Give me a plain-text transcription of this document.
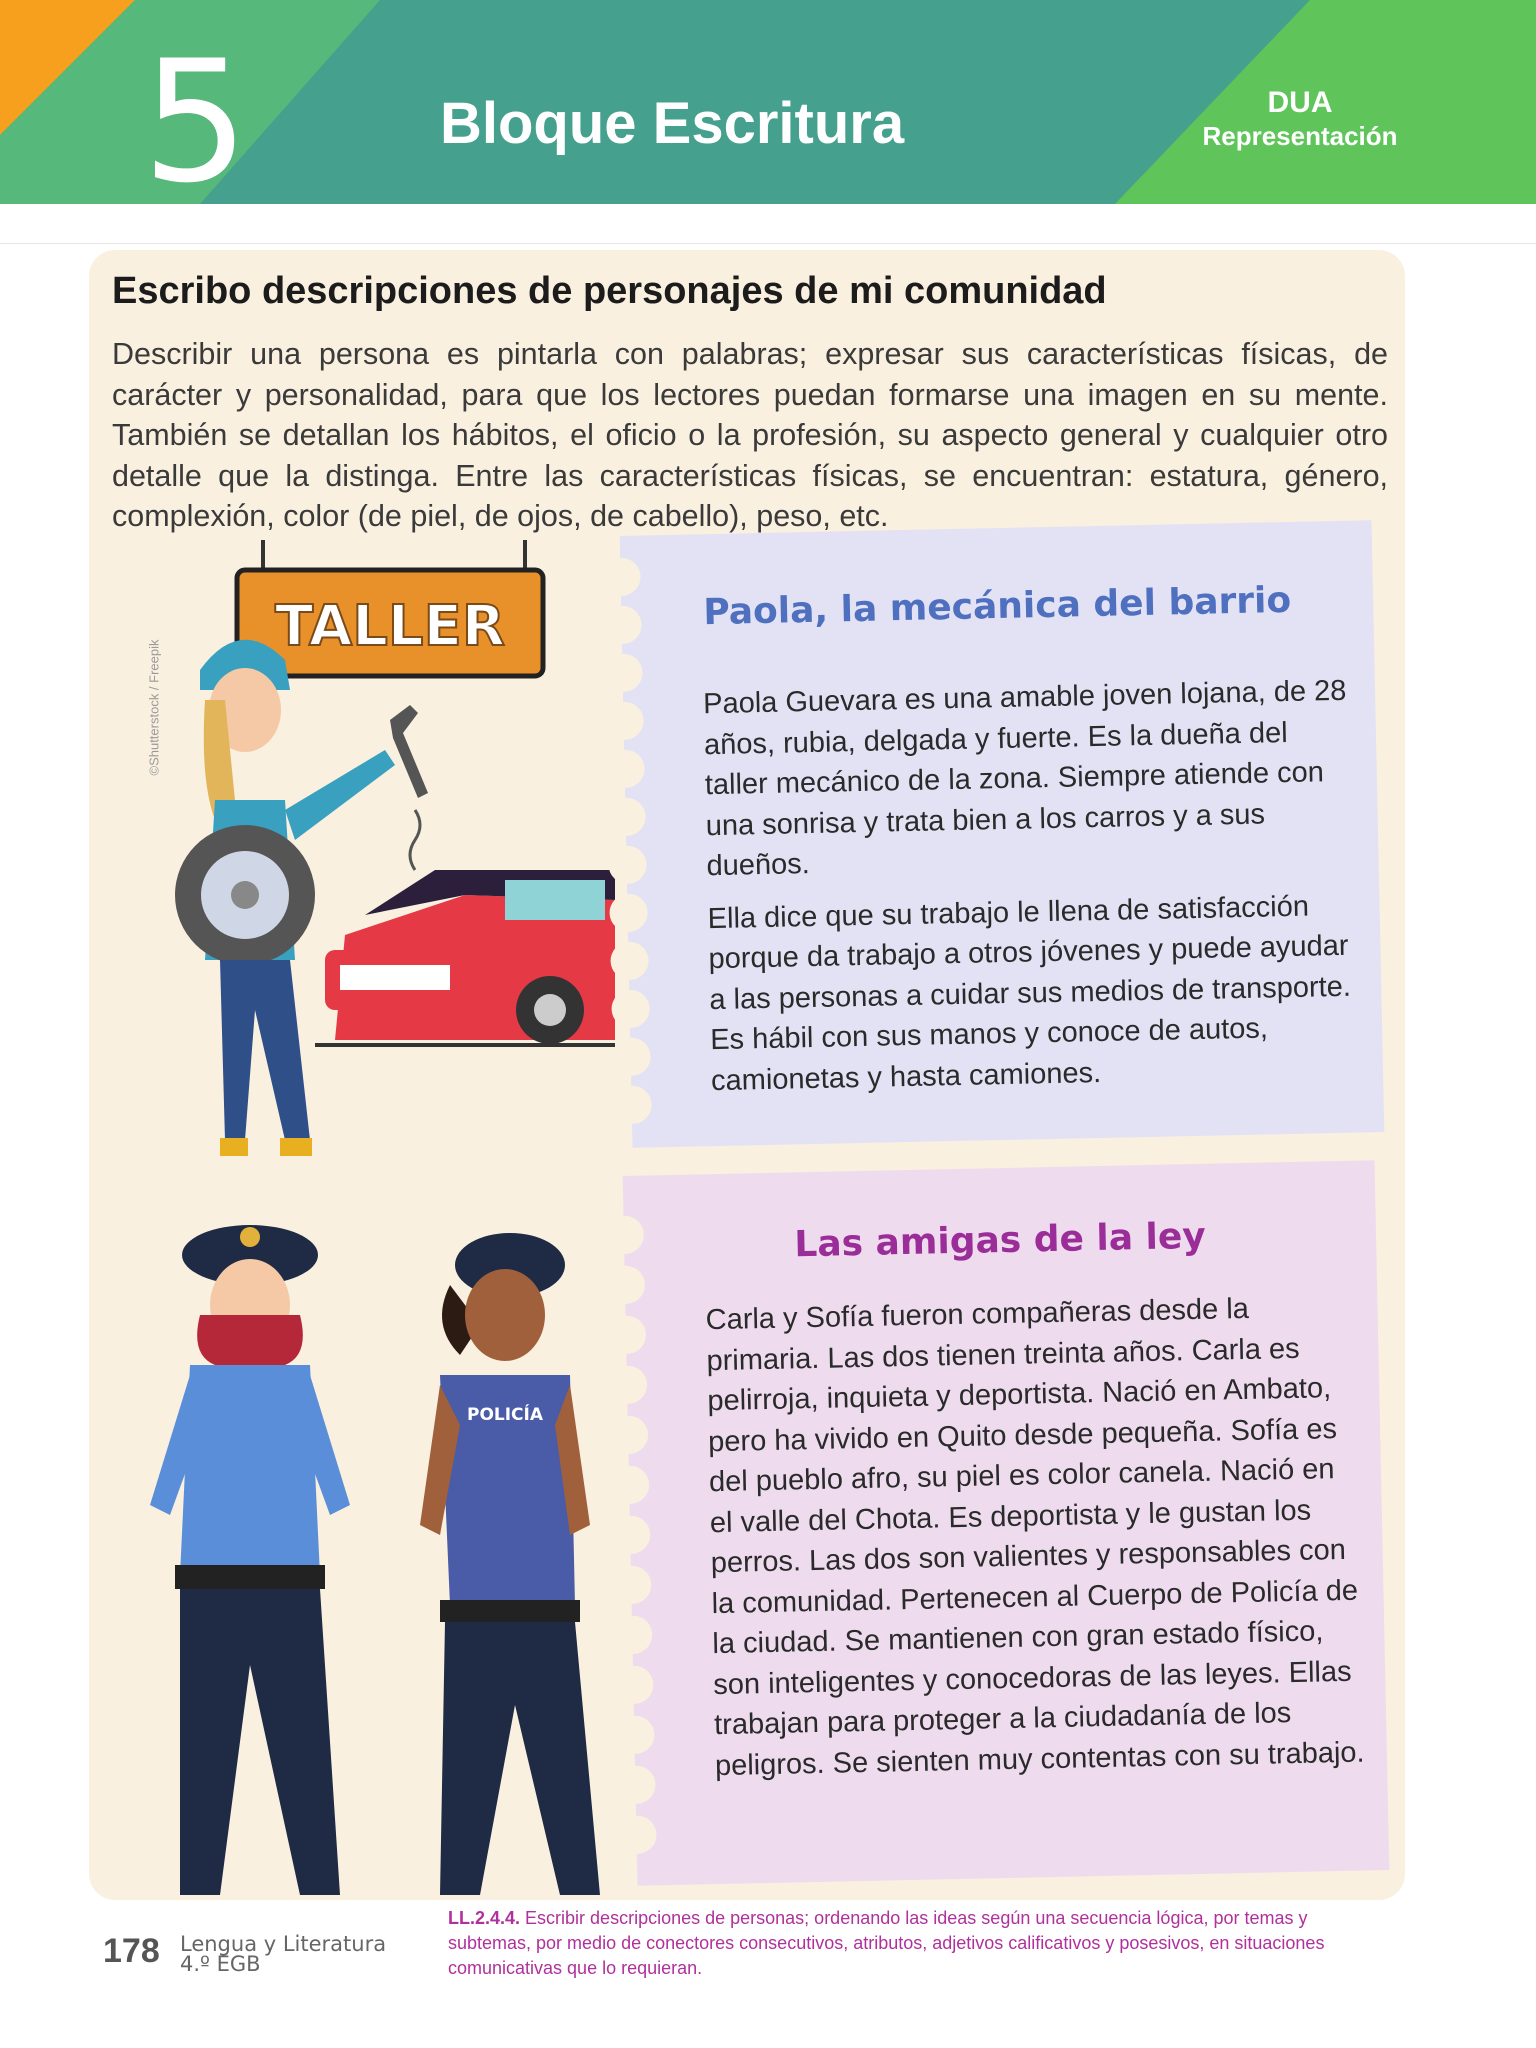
5	Bloque Escritura	DUA
Representación
Escribo descripciones de personajes de mi comunidad
Describir una persona es pintarla con palabras; expresar sus características físicas, de carácter y personalidad, para que los lectores puedan formarse una imagen en su mente. También se detallan los hábitos, el oficio o la profesión, su aspecto general y cualquier otro detalle que la distinga. Entre las características físicas, se encuentran: estatura, género, complexión, color (de piel, de ojos, de cabello), peso, etc.
TALLER
©Shutterstock / Freepik
POLICÍA
Paola, la mecánica del barrio

Paola Guevara es una amable joven lojana, de 28 años, rubia, delgada y fuerte. Es la dueña del taller mecánico de la zona. Siempre atiende con una sonrisa y trata bien a los carros y a sus dueños.

Ella dice que su trabajo le llena de satisfacción porque da trabajo a otros jóvenes y puede ayudar a las personas a cuidar sus medios de transporte. Es hábil con sus manos y conoce de autos, camionetas y hasta camiones.

Las amigas de la ley

Carla y Sofía fueron compañeras desde la primaria. Las dos tienen treinta años. Carla es pelirroja, inquieta y deportista. Nació en Ambato, pero ha vivido en Quito desde pequeña. Sofía es del pueblo afro, su piel es color canela. Nació en el valle del Chota. Es deportista y le gustan los perros. Las dos son valientes y responsables con la comunidad. Pertenecen al Cuerpo de Policía de la ciudad. Se mantienen con gran estado físico, son inteligentes y conocedoras de las leyes. Ellas trabajan para proteger a la ciudadanía de los peligros. Se sienten muy contentas con su trabajo.

178 Lengua y Literatura
4.º EGB
LL.2.4.4. Escribir descripciones de personas; ordenando las ideas según una secuencia lógica, por temas y subtemas, por medio de conectores consecutivos, atributos, adjetivos calificativos y posesivos, en situaciones comunicativas que lo requieran.
